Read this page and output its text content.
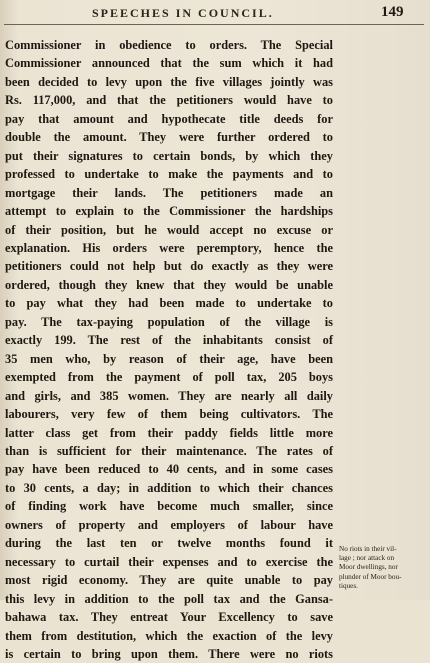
SPEECHES IN COUNCIL.	149
Commissioner in obedience to orders. The Special
Commissioner announced that the sum which it had
been decided to levy upon the five villages jointly was
Rs. 117,000, and that the petitioners would have to
pay that amount and hypothecate title deeds for
double the amount. They were further ordered to
put their signatures to certain bonds, by which they
professed to undertake to make the payments and to
mortgage their lands. The petitioners made an
attempt to explain to the Commissioner the hardships
of their position, but he would accept no excuse or
explanation. His orders were peremptory, hence the
petitioners could not help but do exactly as they were
ordered, though they knew that they would be unable
to pay what they had been made to undertake to
pay. The tax-paying population of the village is
exactly 199. The rest of the inhabitants consist of
35 men who, by reason of their age, have been
exempted from the payment of poll tax, 205 boys
and girls, and 385 women. They are nearly all daily
labourers, very few of them being cultivators. The
latter class get from their paddy fields little more
than is sufficient for their maintenance. The rates of
pay have been reduced to 40 cents, and in some cases
to 30 cents, a day; in addition to which their chances
of finding work have become much smaller, since
owners of property and employers of labour have
during the last ten or twelve months found it
necessary to curtail their expenses and to exercise the
most rigid economy. They are quite unable to pay
this levy in addition to the poll tax and the Gansa-
bahawa tax. They entreat Your Excellency to save
them from destitution, which the exaction of the levy
is certain to bring upon them. There were no riots
No riots in their vil-
lage ; nor attack on
Moor dwellings, nor
plunder of Moor bou-
tiques.
